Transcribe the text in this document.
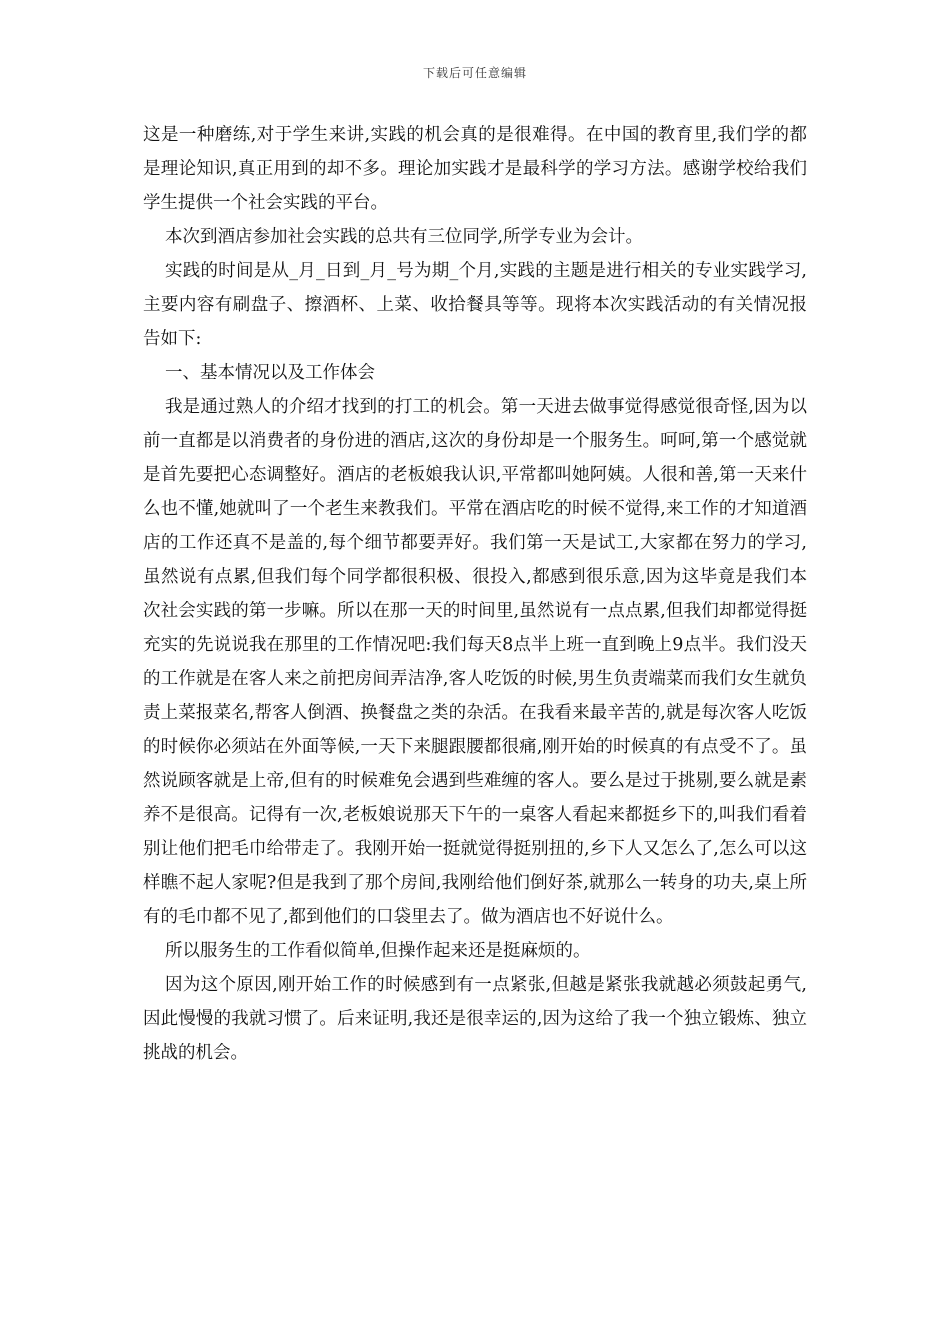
下载后可任意编辑

这是一种磨练,对于学生来讲,实践的机会真的是很难得。在中国的教育里,我们学的都是理论知识,真正用到的却不多。理论加实践才是最科学的学习方法。感谢学校给我们学生提供一个社会实践的平台。

本次到酒店参加社会实践的总共有三位同学,所学专业为会计。

实践的时间是从_月_日到_月_号为期_个月,实践的主题是进行相关的专业实践学习,主要内容有刷盘子、擦酒杯、上菜、收拾餐具等等。现将本次实践活动的有关情况报告如下:

一、基本情况以及工作体会

我是通过熟人的介绍才找到的打工的机会。第一天进去做事觉得感觉很奇怪,因为以前一直都是以消费者的身份进的酒店,这次的身份却是一个服务生。呵呵,第一个感觉就是首先要把心态调整好。酒店的老板娘我认识,平常都叫她阿姨。人很和善,第一天来什么也不懂,她就叫了一个老生来教我们。平常在酒店吃的时候不觉得,来工作的才知道酒店的工作还真不是盖的,每个细节都要弄好。我们第一天是试工,大家都在努力的学习,虽然说有点累,但我们每个同学都很积极、很投入,都感到很乐意,因为这毕竟是我们本次社会实践的第一步嘛。所以在那一天的时间里,虽然说有一点点累,但我们却都觉得挺充实的先说说我在那里的工作情况吧:我们每天8点半上班一直到晚上9点半。我们没天的工作就是在客人来之前把房间弄洁净,客人吃饭的时候,男生负责端菜而我们女生就负责上菜报菜名,帮客人倒酒、换餐盘之类的杂活。在我看来最辛苦的,就是每次客人吃饭的时候你必须站在外面等候,一天下来腿跟腰都很痛,刚开始的时候真的有点受不了。虽然说顾客就是上帝,但有的时候难免会遇到些难缠的客人。要么是过于挑剔,要么就是素养不是很高。记得有一次,老板娘说那天下午的一桌客人看起来都挺乡下的,叫我们看着别让他们把毛巾给带走了。我刚开始一挺就觉得挺别扭的,乡下人又怎么了,怎么可以这样瞧不起人家呢?但是我到了那个房间,我刚给他们倒好茶,就那么一转身的功夫,桌上所有的毛巾都不见了,都到他们的口袋里去了。做为酒店也不好说什么。

所以服务生的工作看似简单,但操作起来还是挺麻烦的。

因为这个原因,刚开始工作的时候感到有一点紧张,但越是紧张我就越必须鼓起勇气,因此慢慢的我就习惯了。后来证明,我还是很幸运的,因为这给了我一个独立锻炼、独立挑战的机会。
